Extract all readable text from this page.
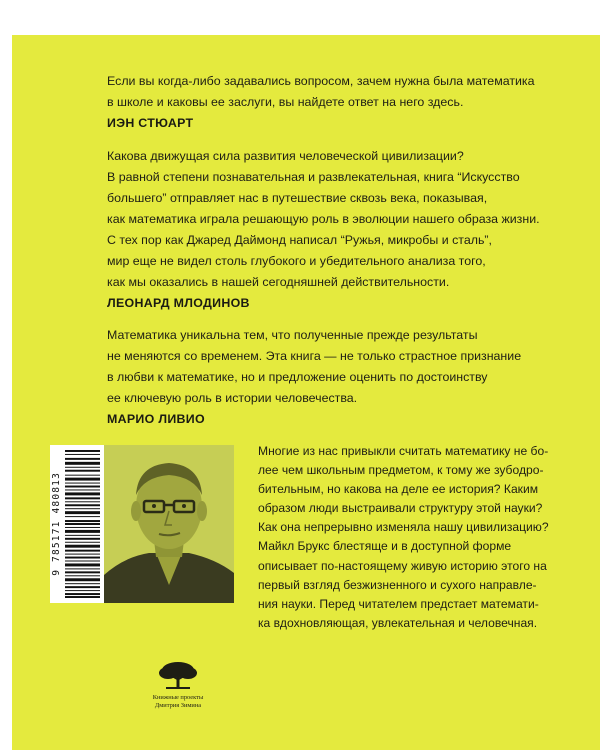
Если вы когда-либо задавались вопросом, зачем нужна была математика
в школе и каковы ее заслуги, вы найдете ответ на него здесь.

ИЭН СТЮАРТ

Какова движущая сила развития человеческой цивилизации?
В равной степени познавательная и развлекательная, книга “Искусство
большего” отправляет нас в путешествие сквозь века, показывая,
как математика играла решающую роль в эволюции нашего образа жизни.
С тех пор как Джаред Даймонд написал “Ружья, микробы и сталь”,
мир еще не видел столь глубокого и убедительного анализа того,
как мы оказались в нашей сегодняшней действительности.

ЛЕОНАРД МЛОДИНОВ

Математика уникальна тем, что полученные прежде результаты
не меняются со временем. Эта книга — не только страстное признание
в любви к математике, но и предложение оценить по достоинству
ее ключевую роль в истории человечества.

МАРИО ЛИВИО

9 785171 480813

Многие из нас привыкли считать математику не бо-
лее чем школьным предметом, к тому же зубодро-
бительным, но какова на деле ее история? Каким
образом люди выстраивали структуру этой науки?
Как она непрерывно изменяла нашу цивилизацию?
Майкл Брукс блестяще и в доступной форме
описывает по-настоящему живую историю этого на
первый взгляд безжизненного и сухого направле-
ния науки. Перед читателем предстает математи-
ка вдохновляющая, увлекательная и человечная.

Книжные проекты
Дмитрия Зимина
